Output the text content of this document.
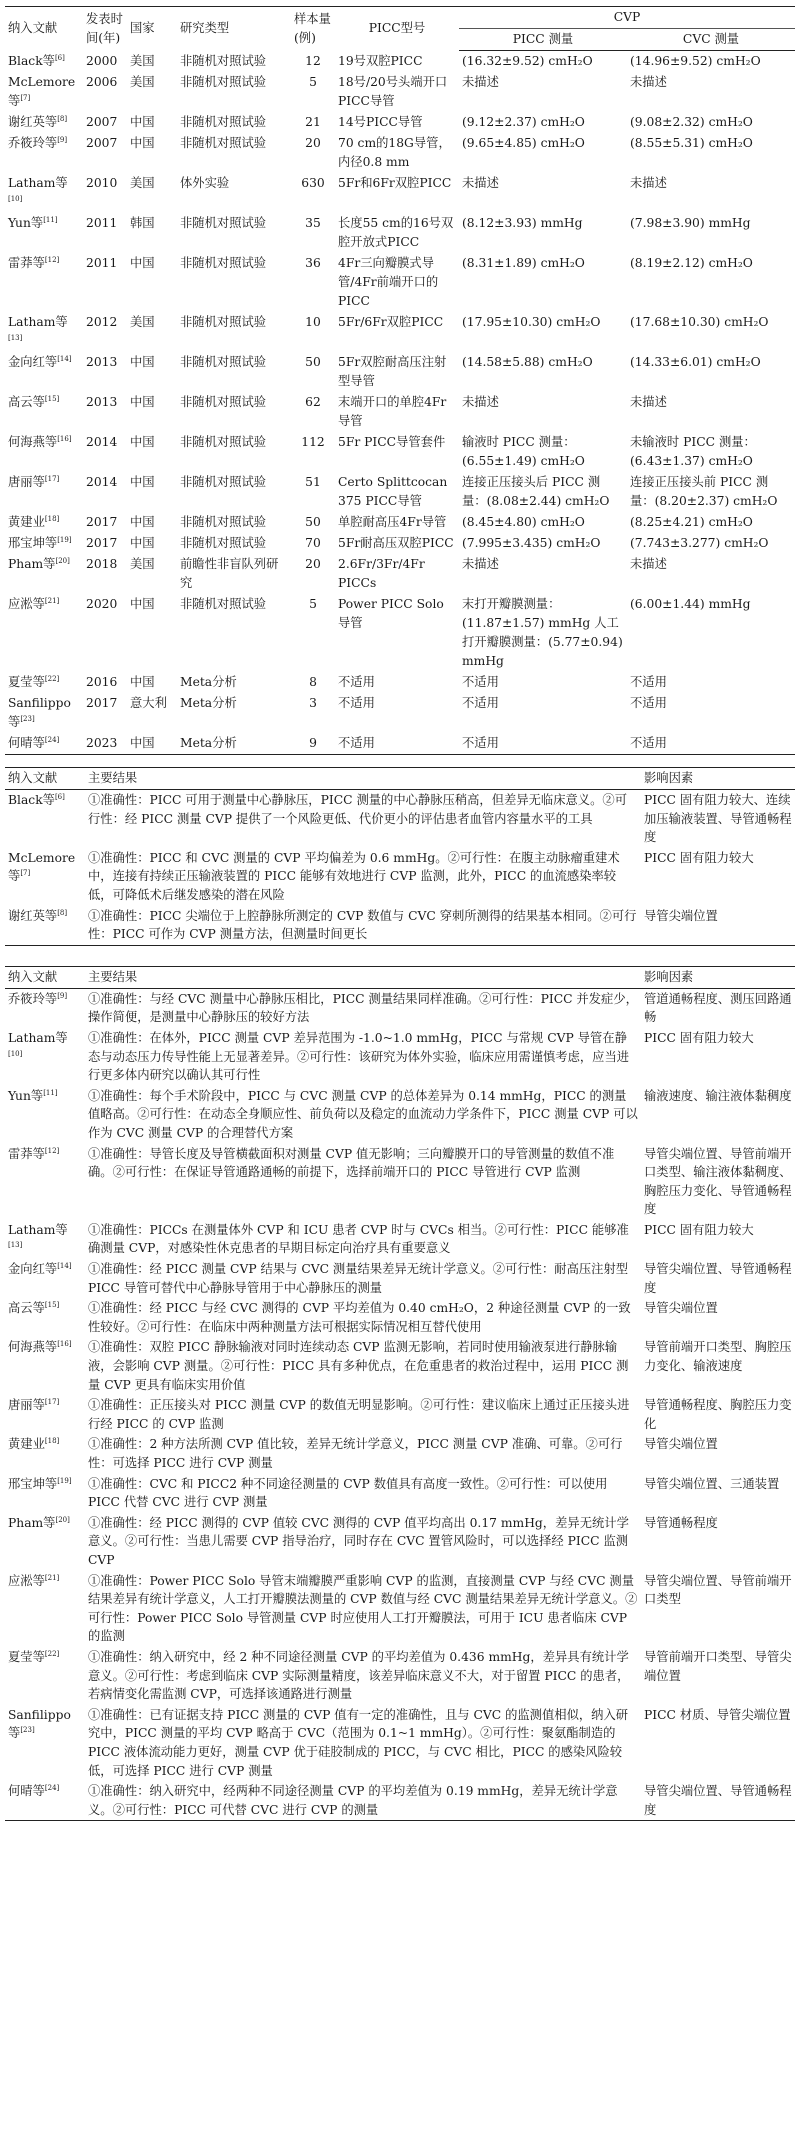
纳入文献	发表时间(年)	国家	研究类型	样本量(例)	PICC型号	CVP	
						PICC 测量	CVC 测量
Black等[6]	2000	美国	非随机对照试验	12	19号双腔PICC	(16.32±9.52) cmH₂O	(14.96±9.52) cmH₂O
McLemore等[7]	2006	美国	非随机对照试验	5	18号/20号头端开口PICC导管	未描述	未描述
谢红英等[8]	2007	中国	非随机对照试验	21	14号PICC导管	(9.12±2.37) cmH₂O	(9.08±2.32) cmH₂O
乔筱玲等[9]	2007	中国	非随机对照试验	20	70 cm的18G导管，内径0.8 mm	(9.65±4.85) cmH₂O	(8.55±5.31) cmH₂O
Latham等[10]	2010	美国	体外实验	630	5Fr和6Fr双腔PICC	未描述	未描述
Yun等[11]	2011	韩国	非随机对照试验	35	长度55 cm的16号双腔开放式PICC	(8.12±3.93) mmHg	(7.98±3.90) mmHg
雷莽等[12]	2011	中国	非随机对照试验	36	4Fr三向瓣膜式导管/4Fr前端开口的PICC	(8.31±1.89) cmH₂O	(8.19±2.12) cmH₂O
Latham等[13]	2012	美国	非随机对照试验	10	5Fr/6Fr双腔PICC	(17.95±10.30) cmH₂O	(17.68±10.30) cmH₂O
金向红等[14]	2013	中国	非随机对照试验	50	5Fr双腔耐高压注射型导管	(14.58±5.88) cmH₂O	(14.33±6.01) cmH₂O
高云等[15]	2013	中国	非随机对照试验	62	末端开口的单腔4Fr导管	未描述	未描述
何海燕等[16]	2014	中国	非随机对照试验	112	5Fr PICC导管套件	输液时 PICC 测量：(6.55±1.49) cmH₂O	未输液时 PICC 测量：(6.43±1.37) cmH₂O
唐丽等[17]	2014	中国	非随机对照试验	51	Certo Splittcocan 375 PICC导管	连接正压接头后 PICC 测量：(8.08±2.44) cmH₂O	连接正压接头前 PICC 测量：(8.20±2.37) cmH₂O
黄建业[18]	2017	中国	非随机对照试验	50	单腔耐高压4Fr导管	(8.45±4.80) cmH₂O	(8.25±4.21) cmH₂O
邢宝坤等[19]	2017	中国	非随机对照试验	70	5Fr耐高压双腔PICC	(7.995±3.435) cmH₂O	(7.743±3.277) cmH₂O
Pham等[20]	2018	美国	前瞻性非盲队列研究	20	2.6Fr/3Fr/4Fr PICCs	未描述	未描述
应淞等[21]	2020	中国	非随机对照试验	5	Power PICC Solo导管	末打开瓣膜测量：(11.87±1.57) mmHg 人工打开瓣膜测量：(5.77±0.94) mmHg	(6.00±1.44) mmHg
夏莹等[22]	2016	中国	Meta分析	8	不适用	不适用	不适用
Sanfilippo等[23]	2017	意大利	Meta分析	3	不适用	不适用	不适用
何晴等[24]	2023	中国	Meta分析	9	不适用	不适用	不适用
纳入文献	主要结果	影响因素
Black等[6]	①准确性：PICC 可用于测量中心静脉压，PICC 测量的中心静脉压稍高，但差异无临床意义。②可行性：经 PICC 测量 CVP 提供了一个风险更低、代价更小的评估患者血管内容量水平的工具	PICC 固有阻力较大、连续加压输液装置、导管通畅程度
McLemore等[7]	①准确性：PICC 和 CVC 测量的 CVP 平均偏差为 0.6 mmHg。②可行性：在腹主动脉瘤重建术中，连接有持续正压输液装置的 PICC 能够有效地进行 CVP 监测，此外，PICC 的血流感染率较低，可降低术后继发感染的潜在风险	PICC 固有阻力较大
谢红英等[8]	①准确性：PICC 尖端位于上腔静脉所测定的 CVP 数值与 CVC 穿刺所测得的结果基本相同。②可行性：PICC 可作为 CVP 测量方法，但测量时间更长	导管尖端位置
纳入文献	主要结果	影响因素
乔筱玲等[9]	①准确性：与经 CVC 测量中心静脉压相比，PICC 测量结果同样准确。②可行性：PICC 并发症少，操作简便，是测量中心静脉压的较好方法	管道通畅程度、测压回路通畅
Latham等[10]	①准确性：在体外，PICC 测量 CVP 差异范围为 -1.0~1.0 mmHg，PICC 与常规 CVP 导管在静态与动态压力传导性能上无显著差异。②可行性：该研究为体外实验，临床应用需谨慎考虑，应当进行更多体内研究以确认其可行性	PICC 固有阻力较大
Yun等[11]	①准确性：每个手术阶段中，PICC 与 CVC 测量 CVP 的总体差异为 0.14 mmHg，PICC 的测量值略高。②可行性：在动态全身顺应性、前负荷以及稳定的血流动力学条件下，PICC 测量 CVP 可以作为 CVC 测量 CVP 的合理替代方案	输液速度、输注液体黏稠度
雷莽等[12]	①准确性：导管长度及导管横截面积对测量 CVP 值无影响；三向瓣膜开口的导管测量的数值不准确。②可行性：在保证导管通路通畅的前提下，选择前端开口的 PICC 导管进行 CVP 监测	导管尖端位置、导管前端开口类型、输注液体黏稠度、胸腔压力变化、导管通畅程度
Latham等[13]	①准确性：PICCs 在测量体外 CVP 和 ICU 患者 CVP 时与 CVCs 相当。②可行性：PICC 能够准确测量 CVP，对感染性休克患者的早期目标定向治疗具有重要意义	PICC 固有阻力较大
金向红等[14]	①准确性：经 PICC 测量 CVP 结果与 CVC 测量结果差异无统计学意义。②可行性：耐高压注射型 PICC 导管可替代中心静脉导管用于中心静脉压的测量	导管尖端位置、导管通畅程度
高云等[15]	①准确性：经 PICC 与经 CVC 测得的 CVP 平均差值为 0.40 cmH₂O，2 种途径测量 CVP 的一致性较好。②可行性：在临床中两种测量方法可根据实际情况相互替代使用	导管尖端位置
何海燕等[16]	①准确性：双腔 PICC 静脉输液对同时连续动态 CVP 监测无影响，若同时使用输液泵进行静脉输液，会影响 CVP 测量。②可行性：PICC 具有多种优点，在危重患者的救治过程中，运用 PICC 测量 CVP 更具有临床实用价值	导管前端开口类型、胸腔压力变化、输液速度
唐丽等[17]	①准确性：正压接头对 PICC 测量 CVP 的数值无明显影响。②可行性：建议临床上通过正压接头进行经 PICC 的 CVP 监测	导管通畅程度、胸腔压力变化
黄建业[18]	①准确性：2 种方法所测 CVP 值比较，差异无统计学意义，PICC 测量 CVP 准确、可靠。②可行性：可选择 PICC 进行 CVP 测量	导管尖端位置
邢宝坤等[19]	①准确性：CVC 和 PICC2 种不同途径测量的 CVP 数值具有高度一致性。②可行性：可以使用 PICC 代替 CVC 进行 CVP 测量	导管尖端位置、三通装置
Pham等[20]	①准确性：经 PICC 测得的 CVP 值较 CVC 测得的 CVP 值平均高出 0.17 mmHg，差异无统计学意义。②可行性：当患儿需要 CVP 指导治疗，同时存在 CVC 置管风险时，可以选择经 PICC 监测 CVP	导管通畅程度
应淞等[21]	①准确性：Power PICC Solo 导管末端瓣膜严重影响 CVP 的监测，直接测量 CVP 与经 CVC 测量结果差异有统计学意义，人工打开瓣膜法测量的 CVP 数值与经 CVC 测量结果差异无统计学意义。②可行性：Power PICC Solo 导管测量 CVP 时应使用人工打开瓣膜法，可用于 ICU 患者临床 CVP 的监测	导管尖端位置、导管前端开口类型
夏莹等[22]	①准确性：纳入研究中，经 2 种不同途径测量 CVP 的平均差值为 0.436 mmHg，差异具有统计学意义。②可行性：考虑到临床 CVP 实际测量精度，该差异临床意义不大，对于留置 PICC 的患者，若病情变化需监测 CVP，可选择该通路进行测量	导管前端开口类型、导管尖端位置
Sanfilippo等[23]	①准确性：已有证据支持 PICC 测量的 CVP 值有一定的准确性，且与 CVC 的监测值相似，纳入研究中，PICC 测量的平均 CVP 略高于 CVC（范围为 0.1~1 mmHg）。②可行性：聚氨酯制造的 PICC 液体流动能力更好，测量 CVP 优于硅胶制成的 PICC，与 CVC 相比，PICC 的感染风险较低，可选择 PICC 进行 CVP 测量	PICC 材质、导管尖端位置
何晴等[24]	①准确性：纳入研究中，经两种不同途径测量 CVP 的平均差值为 0.19 mmHg，差异无统计学意义。②可行性：PICC 可代替 CVC 进行 CVP 的测量	导管尖端位置、导管通畅程度
